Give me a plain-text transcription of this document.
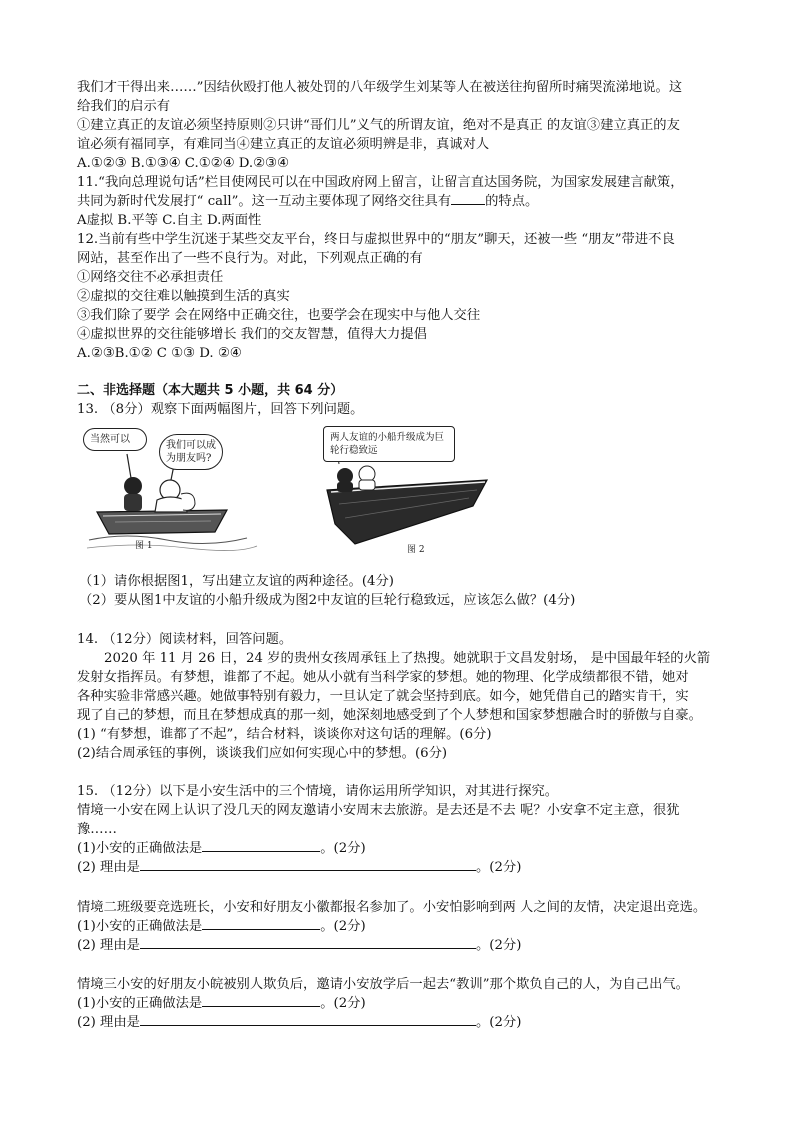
我们才干得出来……”因结伙殴打他人被处罚的八年级学生刘某等人在被送往拘留所时痛哭流涕地说。这
给我们的启示有
①建立真正的友谊必须坚持原则②只讲“哥们儿”义气的所谓友谊，绝对不是真正 的友谊③建立真正的友
谊必须有福同享，有难同当④建立真正的友谊必须明辨是非，真诚对人
A.①②③ B.①③④ C.①②④ D.②③④
11.“我向总理说句话”栏目使网民可以在中国政府网上留言，让留言直达国务院，为国家发展建言献策，
共同为新时代发展打“ call”。这一互动主要体现了网络交往具有	的特点。
A虚拟 B.平等 C.自主 D.两面性
12.当前有些中学生沉迷于某些交友平台，终日与虚拟世界中的“朋友”聊天，还被一些 “朋友”带进不良
网站，甚至作出了一些不良行为。对此，下列观点正确的有
①网络交往不必承担责任
②虚拟的交往难以触摸到生活的真实
③我们除了要学 会在网络中正确交往，也要学会在现实中与他人交往
④虚拟世界的交往能够增长 我们的交友智慧，值得大力提倡
A.②③B.①② C ①③ D. ②④
二、非选择题（本大题共 5 小题，共 64 分）
13. （8分）观察下面两幅图片，回答下列问题。
当然可以
我们可以成为朋友吗?
图 1
两人友谊的小船升级成为巨轮行稳致远
图 2
（1）请你根据图1，写出建立友谊的两种途径。(4分)
（2）要从图1中友谊的小船升级成为图2中友谊的巨轮行稳致远，应该怎么做？(4分)
14. （12分）阅读材料，回答问题。
2020 年 11 月 26 日，24 岁的贵州女孩周承钰上了热搜。她就职于文昌发射场， 是中国最年轻的火箭
发射女指挥员。有梦想，谁都了不起。她从小就有当科学家的梦想。她的物理、化学成绩都很不错，她对
各种实验非常感兴趣。她做事特别有毅力，一旦认定了就会坚持到底。如今，她凭借自己的踏实肯干，实
现了自己的梦想，而且在梦想成真的那一刻，她深刻地感受到了个人梦想和国家梦想融合时的骄傲与自豪。
(1) “有梦想，谁都了不起”，结合材料，谈谈你对这句话的理解。(6分)
(2)结合周承钰的事例，谈谈我们应如何实现心中的梦想。(6分)
15. （12分）以下是小安生活中的三个情境，请你运用所学知识，对其进行探究。
情境一小安在网上认识了没几天的网友邀请小安周末去旅游。是去还是不去 呢？小安拿不定主意，很犹
豫……
(1)小安的正确做法是	。(2分)
(2) 理由是	。(2分)
情境二班级要竞选班长，小安和好朋友小徽都报名参加了。小安怕影响到两 人之间的友情，决定退出竞选。
(1)小安的正确做法是	。(2分)
(2) 理由是	。(2分)
情境三小安的好朋友小皖被别人欺负后，邀请小安放学后一起去“教训”那个欺负自己的人，为自己出气。
(1)小安的正确做法是	。(2分)
(2) 理由是	。(2分)
